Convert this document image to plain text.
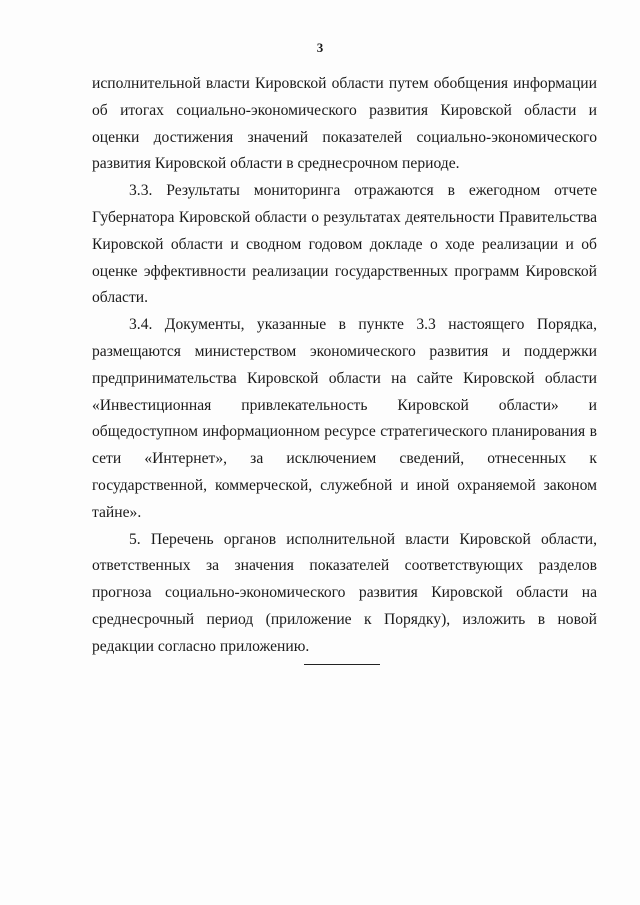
3

исполнительной власти Кировской области путем обобщения информации об итогах социально-экономического развития Кировской области и оценки достижения значений показателей социально-экономического развития Кировской области в среднесрочном периоде.

3.3. Результаты мониторинга отражаются в ежегодном отчете Губернатора Кировской области о результатах деятельности Правительства Кировской области и сводном годовом докладе о ходе реализации и об оценке эффективности реализации государственных программ Кировской области.

3.4. Документы, указанные в пункте 3.3 настоящего Порядка, размещаются министерством экономического развития и поддержки предпринимательства Кировской области на сайте Кировской области «Инвестиционная привлекательность Кировской области» и общедоступном информационном ресурсе стратегического планирования в сети «Интернет», за исключением сведений, отнесенных к государственной, коммерческой, служебной и иной охраняемой законом тайне».

5. Перечень органов исполнительной власти Кировской области, ответственных за значения показателей соответствующих разделов прогноза социально-экономического развития Кировской области на среднесрочный период (приложение к Порядку), изложить в новой редакции согласно приложению.
